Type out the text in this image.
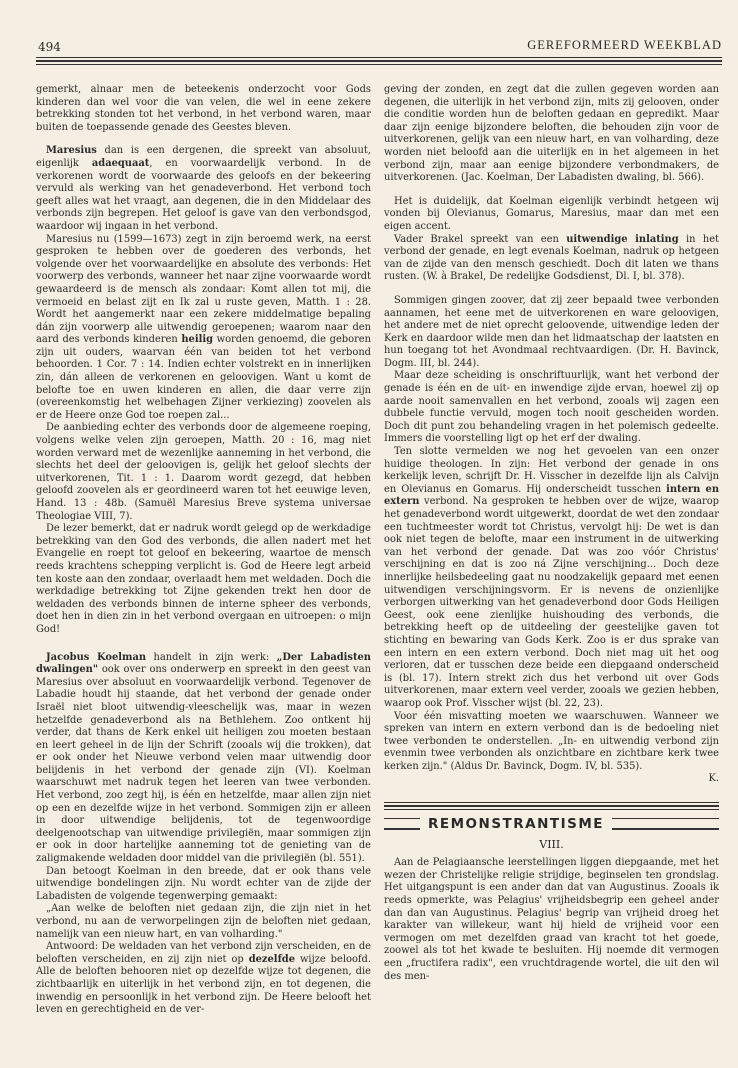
494	GEREFORMEERD WEEKBLAD

gemerkt, alnaar men de beteekenis onderzocht voor Gods kinderen dan wel voor die van velen, die wel in eene zekere betrekking stonden tot het verbond, in het verbond waren, maar buiten de toepassende genade des Geestes bleven.

Maresius dan is een dergenen, die spreekt van absoluut, eigenlijk adaequaat, en voorwaardelijk verbond. In de verkorenen wordt de voorwaarde des geloofs en der bekeering vervuld als werking van het genadeverbond. Het verbond toch geeft alles wat het vraagt, aan degenen, die in den Middelaar des verbonds zijn begrepen. Het geloof is gave van den verbondsgod, waardoor wij ingaan in het verbond.

Maresius nu (1599—1673) zegt in zijn beroemd werk, na eerst gesproken te hebben over de goederen des verbonds, het volgende over het voorwaardelijke en absolute des verbonds: Het voorwerp des verbonds, wanneer het naar zijne voorwaarde wordt gewaardeerd is de mensch als zondaar: Komt allen tot mij, die vermoeid en belast zijt en Ik zal u ruste geven, Matth. 1 : 28. Wordt het aangemerkt naar een zekere middelmatige bepaling dán zijn voorwerp alle uitwendig geroepenen; waarom naar den aard des verbonds kinderen heilig worden genoemd, die geboren zijn uit ouders, waarvan één van beiden tot het verbond behoorden. 1 Cor. 7 : 14. Indien echter volstrekt en in innerlijken zin, dán alleen de verkorenen en geloovigen. Want u komt de belofte toe en uwen kinderen en allen, die daar verre zijn (overeenkomstig het welbehagen Zijner verkiezing) zoovelen als er de Heere onze God toe roepen zal...

De aanbieding echter des verbonds door de algemeene roeping, volgens welke velen zijn geroepen, Matth. 20 : 16, mag niet worden verward met de wezenlijke aanneming in het verbond, die slechts het deel der geloovigen is, gelijk het geloof slechts der uitverkorenen, Tit. 1 : 1. Daarom wordt gezegd, dat hebben geloofd zoovelen als er geordineerd waren tot het eeuwige leven, Hand. 13 : 48b. (Samuël Maresius Breve systema universae Theologiae VIII, 7).

De lezer bemerkt, dat er nadruk wordt gelegd op de werkdadige betrekking van den God des verbonds, die allen nadert met het Evangelie en roept tot geloof en bekeering, waartoe de mensch reeds krachtens schepping verplicht is. God de Heere legt arbeid ten koste aan den zondaar, overlaadt hem met weldaden. Doch die werkdadige betrekking tot Zijne gekenden trekt hen door de weldaden des verbonds binnen de interne spheer des verbonds, doet hen in dien zin in het verbond overgaan en uitroepen: o mijn God!

Jacobus Koelman handelt in zijn werk: „Der Labadisten dwalingen" ook over ons onderwerp en spreekt in den geest van Maresius over absoluut en voorwaardelijk verbond. Tegenover de Labadie houdt hij staande, dat het verbond der genade onder Israël niet bloot uitwendig-vleeschelijk was, maar in wezen hetzelfde genadeverbond als na Bethlehem. Zoo ontkent hij verder, dat thans de Kerk enkel uit heiligen zou moeten bestaan en leert geheel in de lijn der Schrift (zooals wij die trokken), dat er ook onder het Nieuwe verbond velen maar uitwendig door belijdenis in het verbond der genade zijn (VI). Koelman waarschuwt met nadruk tegen het leeren van twee verbonden. Het verbond, zoo zegt hij, is één en hetzelfde, maar allen zijn niet op een en dezelfde wijze in het verbond. Sommigen zijn er alleen in door uitwendige belijdenis, tot de tegenwoordige deelgenootschap van uitwendige privilegiën, maar sommigen zijn er ook in door hartelijke aanneming tot de genieting van de zaligmakende weldaden door middel van die privilegiën (bl. 551).

Dan betoogt Koelman in den breede, dat er ook thans vele uitwendige bondelingen zijn. Nu wordt echter van de zijde der Labadisten de volgende tegenwerping gemaakt:

„Aan welke de beloften niet gedaan zijn, die zijn niet in het verbond, nu aan de verworpelingen zijn de beloften niet gedaan, namelijk van een nieuw hart, en van volharding."

Antwoord: De weldaden van het verbond zijn verscheiden, en de beloften verscheiden, en zij zijn niet op dezelfde wijze beloofd. Alle de beloften behooren niet op dezelfde wijze tot degenen, die zichtbaarlijk en uiterlijk in het verbond zijn, en tot degenen, die inwendig en persoonlijk in het verbond zijn. De Heere belooft het leven en gerechtigheid en de ver-

geving der zonden, en zegt dat die zullen gegeven worden aan degenen, die uiterlijk in het verbond zijn, mits zij gelooven, onder die conditie worden hun de beloften gedaan en gepredikt. Maar daar zijn eenige bijzondere beloften, die behouden zijn voor de uitverkorenen, gelijk van een nieuw hart, en van volharding, deze worden niet beloofd aan die uiterlijk en in het algemeen in het verbond zijn, maar aan eenige bijzondere verbondmakers, de uitverkorenen. (Jac. Koelman, Der Labadisten dwaling, bl. 566).

Het is duidelijk, dat Koelman eigenlijk verbindt hetgeen wij vonden bij Olevianus, Gomarus, Maresius, maar dan met een eigen accent.

Vader Brakel spreekt van een uitwendige inlating in het verbond der genade, en legt evenals Koelman, nadruk op hetgeen van de zijde van den mensch geschiedt. Doch dit laten we thans rusten. (W. à Brakel, De redelijke Godsdienst, Dl. I, bl. 378).

Sommigen gingen zoover, dat zij zeer bepaald twee verbonden aannamen, het eene met de uitverkorenen en ware geloovigen, het andere met de niet oprecht geloovende, uitwendige leden der Kerk en daardoor wilde men dan het lidmaatschap der laatsten en hun toegang tot het Avondmaal rechtvaardigen. (Dr. H. Bavinck, Dogm. III, bl. 244).

Maar deze scheiding is onschriftuurlijk, want het verbond der genade is één en de uit- en inwendige zijde ervan, hoewel zij op aarde nooit samenvallen en het verbond, zooals wij zagen een dubbele functie vervuld, mogen toch nooit gescheiden worden. Doch dit punt zou behandeling vragen in het polemisch gedeelte. Immers die voorstelling ligt op het erf der dwaling.

Ten slotte vermelden we nog het gevoelen van een onzer huidige theologen. In zijn: Het verbond der genade in ons kerkelijk leven, schrijft Dr. H. Visscher in dezelfde lijn als Calvijn en Olevianus en Gomarus. Hij onderscheidt tusschen intern en extern verbond. Na gesproken te hebben over de wijze, waarop het genadeverbond wordt uitgewerkt, doordat de wet den zondaar een tuchtmeester wordt tot Christus, vervolgt hij: De wet is dan ook niet tegen de belofte, maar een instrument in de uitwerking van het verbond der genade. Dat was zoo vóór Christus' verschijning en dat is zoo ná Zijne verschijning... Doch deze innerlijke heilsbedeeling gaat nu noodzakelijk gepaard met eenen uitwendigen verschijningsvorm. Er is nevens de onzienlijke verborgen uitwerking van het genadeverbond door Gods Heiligen Geest, ook eene zienlijke huishouding des verbonds, die betrekking heeft op de uitdeeling der geestelijke gaven tot stichting en bewaring van Gods Kerk. Zoo is er dus sprake van een intern en een extern verbond. Doch niet mag uit het oog verloren, dat er tusschen deze beide een diepgaand onderscheid is (bl. 17). Intern strekt zich dus het verbond uit over Gods uitverkorenen, maar extern veel verder, zooals we gezien hebben, waarop ook Prof. Visscher wijst (bl. 22, 23).

Voor één misvatting moeten we waarschuwen. Wanneer we spreken van intern en extern verbond dan is de bedoeling niet twee verbonden te onderstellen. „In- en uitwendig verbond zijn evenmin twee verbonden als onzichtbare en zichtbare kerk twee kerken zijn." (Aldus Dr. Bavinck, Dogm. IV, bl. 535).

K.

REMONSTRANTISME
VIII.

Aan de Pelagiaansche leerstellingen liggen diepgaande, met het wezen der Christelijke religie strijdige, beginselen ten grondslag. Het uitgangspunt is een ander dan dat van Augustinus. Zooals ik reeds opmerkte, was Pelagius' vrijheidsbegrip een geheel ander dan dan van Augustinus. Pelagius' begrip van vrijheid droeg het karakter van willekeur, want hij hield de vrijheid voor een vermogen om met dezelfden graad van kracht tot het goede, zoowel als tot het kwade te besluiten. Hij noemde dit vermogen een „fructifera radix", een vruchtdragende wortel, die uit den wil des men-
